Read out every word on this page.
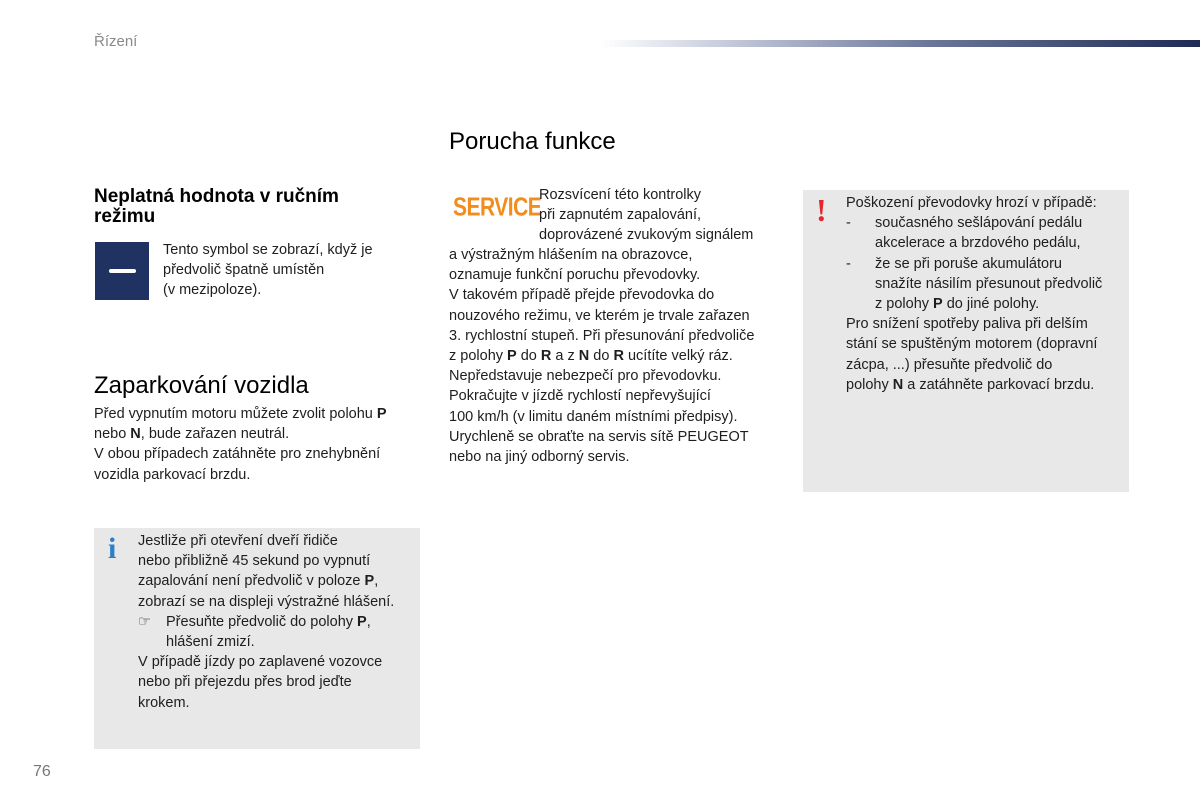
Řízení
Neplatná hodnota v ručním režimu
Tento symbol se zobrazí, když je
předvolič špatně umístěn
(v mezipoloze).
Zaparkování vozidla
Před vypnutím motoru můžete zvolit polohu P
nebo N, bude zařazen neutrál.
V obou případech zatáhněte pro znehybnění
vozidla parkovací brzdu.
i Jestliže při otevření dveří řidiče
nebo přibližně 45 sekund po vypnutí
zapalování není předvolič v poloze P,
zobrazí se na displeji výstražné hlášení.
☞	Přesuňte předvolič do polohy P,
hlášení zmizí.
V případě jízdy po zaplavené vozovce
nebo při přejezdu přes brod jeďte
krokem.
Porucha funkce
SERVICE
Rozsvícení této kontrolky
při zapnutém zapalování,
doprovázené zvukovým signálem
a výstražným hlášením na obrazovce,
oznamuje funkční poruchu převodovky.
V takovém případě přejde převodovka do
nouzového režimu, ve kterém je trvale zařazen
3. rychlostní stupeň. Při přesunování předvoliče
z polohy P do R a z N do R ucítíte velký ráz.
Nepředstavuje nebezpečí pro převodovku.
Pokračujte v jízdě rychlostí nepřevyšující
100 km/h (v limitu daném místními předpisy).
Urychleně se obraťte na servis sítě PEUGEOT
nebo na jiný odborný servis.
! Poškození převodovky hrozí v případě:
-	současného sešlápování pedálu
akcelerace a brzdového pedálu,
-	že se při poruše akumulátoru
snažíte násilím přesunout předvolič
z polohy P do jiné polohy.
Pro snížení spotřeby paliva při delším
stání se spuštěným motorem (dopravní
zácpa, ...) přesuňte předvolič do
polohy N a zatáhněte parkovací brzdu.
76
